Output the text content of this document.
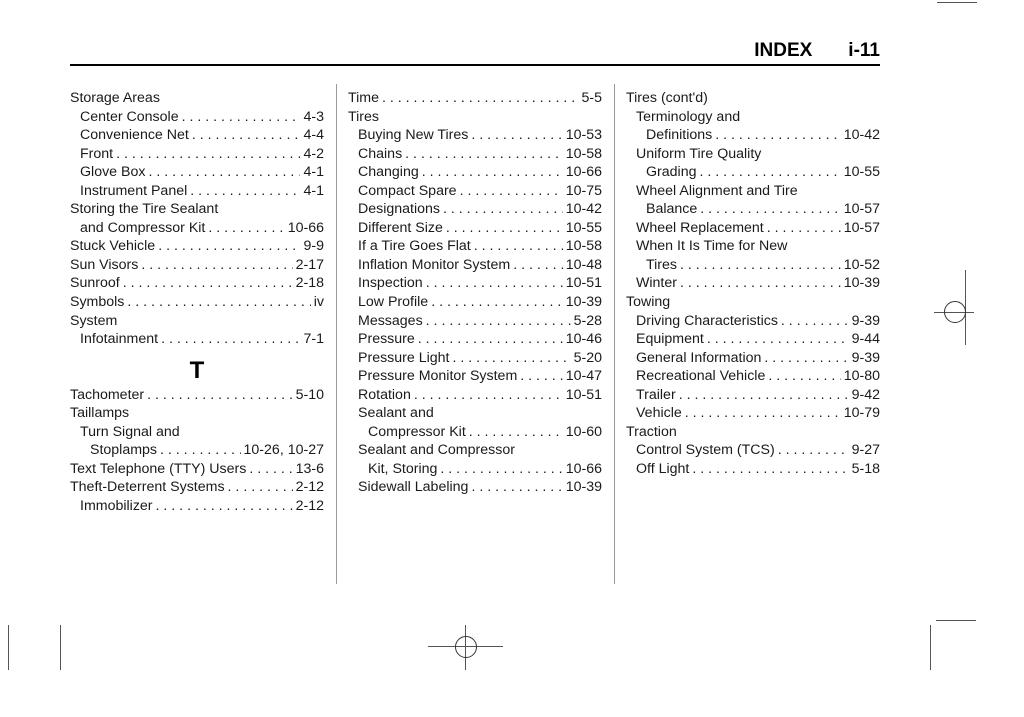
INDEX i-11
Storage Areas
Center Console . . .	4-3
Convenience Net . . .	4-4
Front . . .	4-2
Glove Box . . .	4-1
Instrument Panel . . .	4-1
Storing the Tire Sealant
and Compressor Kit . . .	10-66
Stuck Vehicle . . .	9-9
Sun Visors . . .	2-17
Sunroof . . .	2-18
Symbols . . .	iv
System
Infotainment . . .	7-1
T
Tachometer . . .	5-10
Taillamps
Turn Signal and
Stoplamps . . .	10-26, 10-27
Text Telephone (TTY) Users . . .	13-6
Theft-Deterrent Systems . . .	2-12
Immobilizer . . .	2-12
Time . . .	5-5
Tires
Buying New Tires . . .	10-53
Chains . . .	10-58
Changing . . .	10-66
Compact Spare . . .	10-75
Designations . . .	10-42
Different Size . . .	10-55
If a Tire Goes Flat . . .	10-58
Inflation Monitor System . . .	10-48
Inspection . . .	10-51
Low Profile . . .	10-39
Messages . . .	5-28
Pressure . . .	10-46
Pressure Light . . .	5-20
Pressure Monitor System . . .	10-47
Rotation . . .	10-51
Sealant and
Compressor Kit . . .	10-60
Sealant and Compressor
Kit, Storing . . .	10-66
Sidewall Labeling . . .	10-39
Tires (cont'd)
Terminology and
Definitions . . .	10-42
Uniform Tire Quality
Grading . . .	10-55
Wheel Alignment and Tire
Balance . . .	10-57
Wheel Replacement . . .	10-57
When It Is Time for New
Tires . . .	10-52
Winter . . .	10-39
Towing
Driving Characteristics . . .	9-39
Equipment . . .	9-44
General Information . . .	9-39
Recreational Vehicle . . .	10-80
Trailer . . .	9-42
Vehicle . . .	10-79
Traction
Control System (TCS) . . .	9-27
Off Light . . .	5-18
